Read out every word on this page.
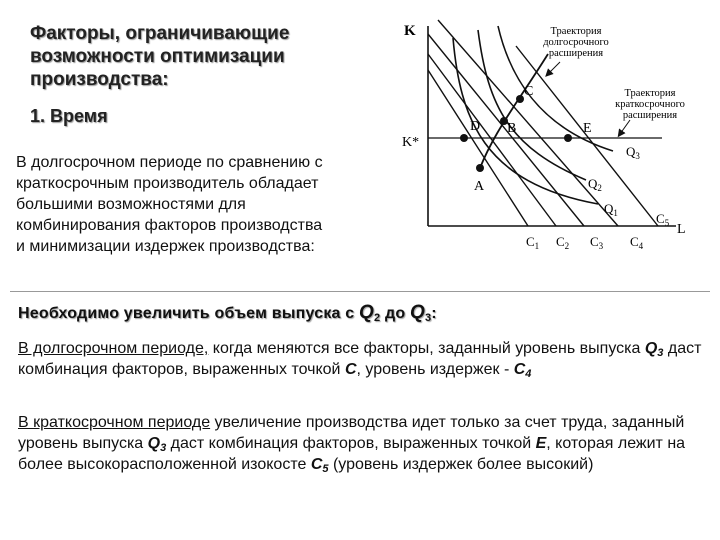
Факторы, ограничивающие возможности оптимизации производства:
1. Время
В долгосрочном периоде по сравнению с
краткосрочным производитель обладает
большими возможностями для
комбинирования факторов производства
и минимизации издержек производства:
K
L
K*
A
B
C
D	E
$Q_3$
$Q_2$
$Q_1$
$C_1$ $C_2$ $C_3$ $C_4$
$C_5$
Траектория долгосрочного расширения
Траектория краткосрочного расширения
Необходимо увеличить объем выпуска с $Q_2$ до $Q_3$:
В долгосрочном периоде, когда меняются все факторы, заданный уровень выпуска $Q_3$ даст комбинация факторов, выраженных точкой С, уровень издержек - $С_4$
В краткосрочном периоде увеличение производства идет только за счет труда, заданный уровень выпуска $Q_3$ даст комбинация факторов, выраженных точкой Е, которая лежит на более высокорасположенной изокосте $С_5$ (уровень издержек более высокий)
